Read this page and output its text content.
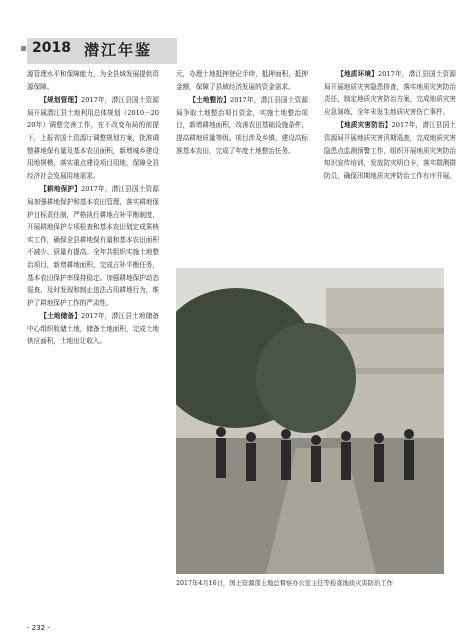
2018 潜江年鉴

源管理水平和保障能力，为全县域发展提供资源保障。

【规划管理】2017年，潜江县国土资源局开展潜江县土地利用总体规划（2010－2020年）调整完善工作，在不改变布局的前提下，上报省国土资源厅调整规划方案，批准调整耕地保有量及基本农田面积，新增城乡建设用地规模，落实重点建设项目用地，保障全县经济社会发展用地需求。

【耕地保护】2017年，潜江县国土资源局加强耕地保护和基本农田管理，落实耕地保护目标责任制，严格执行耕地占补平衡制度，开展耕地保护专项检查和基本农田划定成果核实工作，确保全县耕地保有量和基本农田面积不减少、质量有提高。全年共组织实施土地整治项目，新增耕地面积，完成占补平衡任务，基本农田保护率保持稳定。加强耕地保护动态巡查，及时发现和制止违法占用耕地行为，维护了耕地保护工作的严肃性。

【土地储备】2017年，潜江县土地储备中心组织收储土地，储备土地面积，完成土地供应面积，土地出让收入。

元，办理土地抵押登记手续，抵押面积，抵押金额，保障了县域经济发展的资金需求。

【土地整治】2017年，潜江县国土资源局争取土地整治项目资金，实施土地整治项目，新增耕地面积，改善农田基础设施条件，提高耕地质量等级。项目涉及乡镇，建设高标准基本农田，完成了年度土地整治任务。

【地质环境】2017年，潜江县国土资源局开展地质灾害隐患排查，落实地质灾害防治责任，制定地质灾害防治方案，完成地质灾害应急演练，全年未发生地质灾害伤亡事件。

【地质灾害防治】2017年，潜江县国土资源局开展地质灾害汛期巡查，完成地质灾害隐患点监测预警工作，组织开展地质灾害防治知识宣传培训，发放防灾明白卡，落实群测群防员，确保汛期地质灾害防治工作有序开展。

2017年4月16日，国土资源部土地总督察办公室主任等检查地质灾害防治工作
- 232 -
